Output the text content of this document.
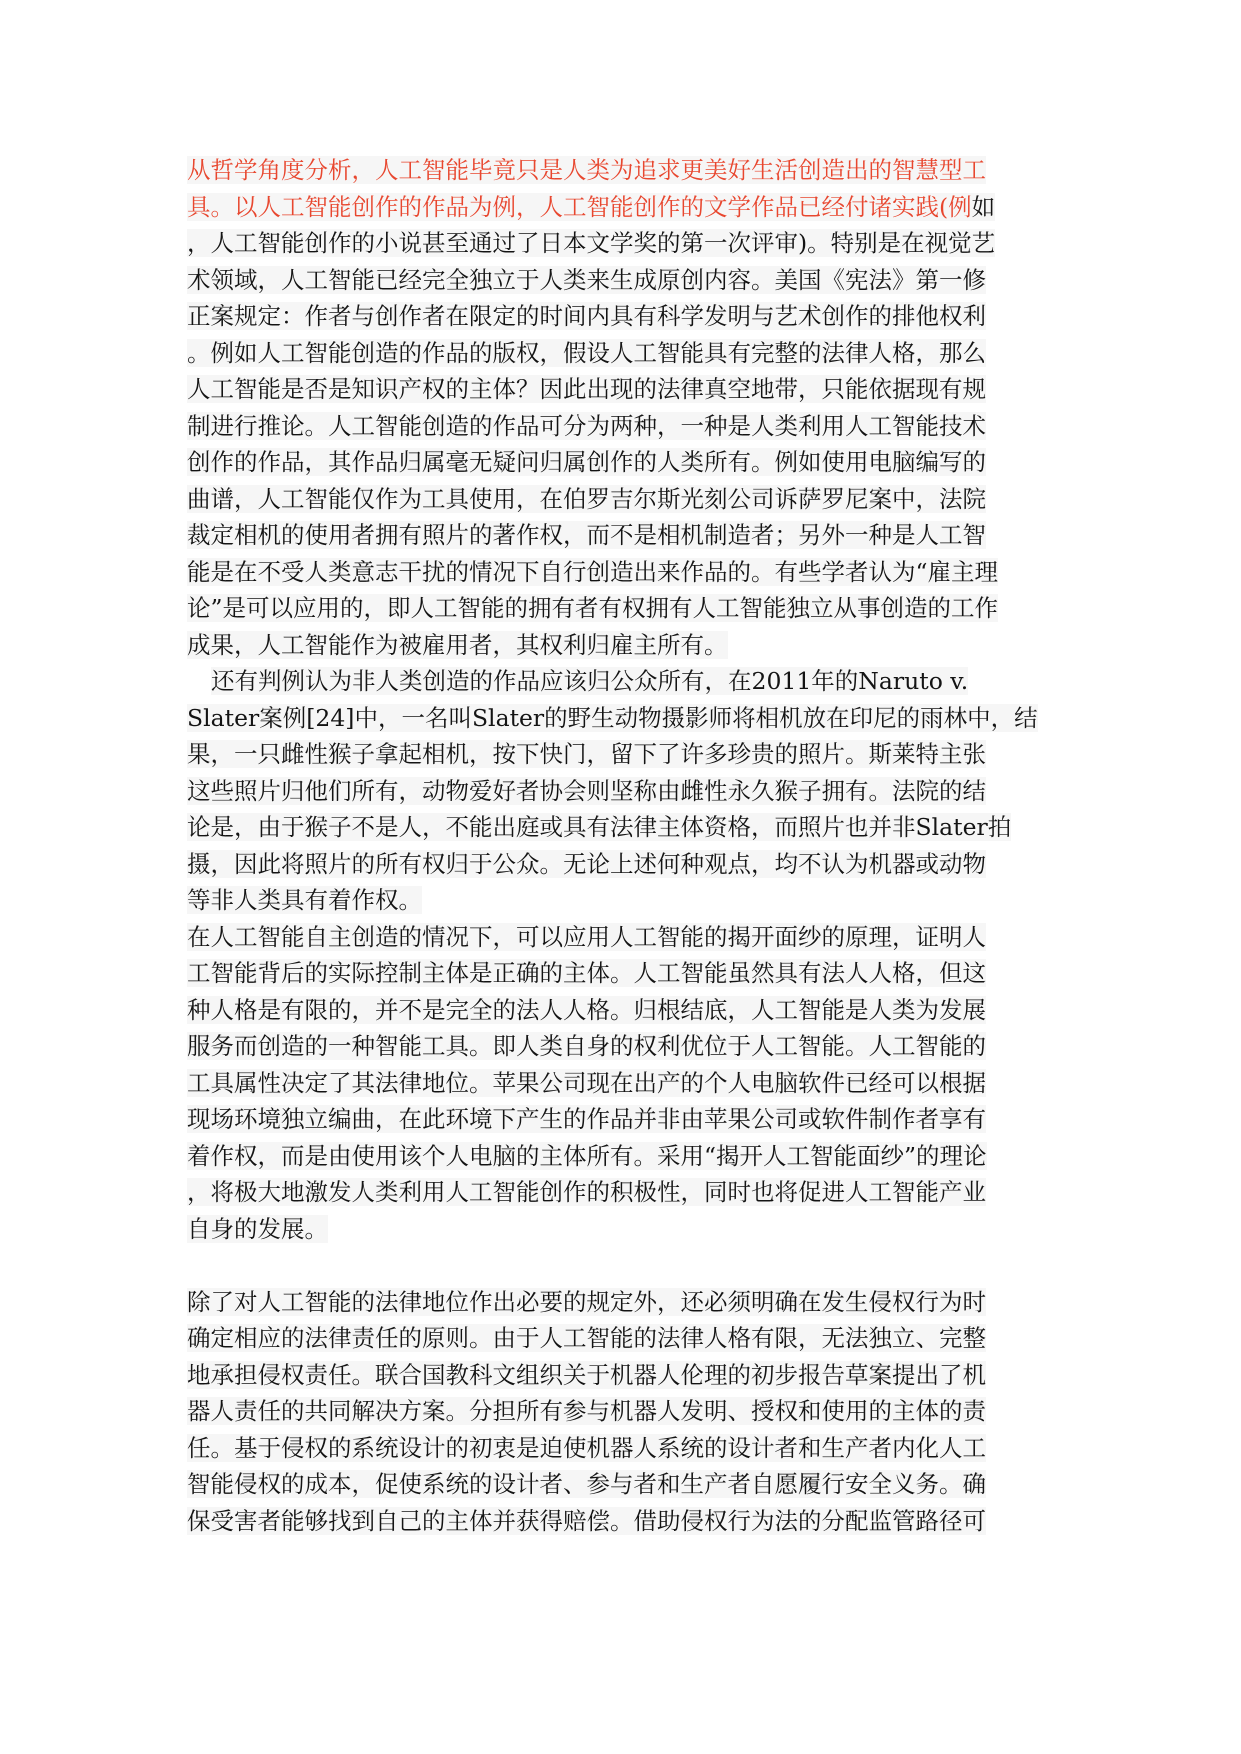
从哲学角度分析，人工智能毕竟只是人类为追求更美好生活创造出的智慧型工
具。以人工智能创作的作品为例，人工智能创作的文学作品已经付诸实践(例如
，人工智能创作的小说甚至通过了日本文学奖的第一次评审)。特别是在视觉艺
术领域，人工智能已经完全独立于人类来生成原创内容。美国《宪法》第一修
正案规定：作者与创作者在限定的时间内具有科学发明与艺术创作的排他权利
。例如人工智能创造的作品的版权，假设人工智能具有完整的法律人格，那么
人工智能是否是知识产权的主体？因此出现的法律真空地带，只能依据现有规
制进行推论。人工智能创造的作品可分为两种，一种是人类利用人工智能技术
创作的作品，其作品归属毫无疑问归属创作的人类所有。例如使用电脑编写的
曲谱，人工智能仅作为工具使用，在伯罗吉尔斯光刻公司诉萨罗尼案中，法院
裁定相机的使用者拥有照片的著作权，而不是相机制造者；另外一种是人工智
能是在不受人类意志干扰的情况下自行创造出来作品的。有些学者认为“雇主理
论”是可以应用的，即人工智能的拥有者有权拥有人工智能独立从事创造的工作
成果，人工智能作为被雇用者，其权利归雇主所有。
还有判例认为非人类创造的作品应该归公众所有，在2011年的Naruto v.
Slater案例[24]中，一名叫Slater的野生动物摄影师将相机放在印尼的雨林中，结
果，一只雌性猴子拿起相机，按下快门，留下了许多珍贵的照片。斯莱特主张
这些照片归他们所有，动物爱好者协会则坚称由雌性永久猴子拥有。法院的结
论是，由于猴子不是人，不能出庭或具有法律主体资格，而照片也并非Slater拍
摄，因此将照片的所有权归于公众。无论上述何种观点，均不认为机器或动物
等非人类具有着作权。
在人工智能自主创造的情况下，可以应用人工智能的揭开面纱的原理，证明人
工智能背后的实际控制主体是正确的主体。人工智能虽然具有法人人格，但这
种人格是有限的，并不是完全的法人人格。归根结底，人工智能是人类为发展
服务而创造的一种智能工具。即人类自身的权利优位于人工智能。人工智能的
工具属性决定了其法律地位。苹果公司现在出产的个人电脑软件已经可以根据
现场环境独立编曲，在此环境下产生的作品并非由苹果公司或软件制作者享有
着作权，而是由使用该个人电脑的主体所有。采用“揭开人工智能面纱”的理论
，将极大地激发人类利用人工智能创作的积极性，同时也将促进人工智能产业
自身的发展。
除了对人工智能的法律地位作出必要的规定外，还必须明确在发生侵权行为时
确定相应的法律责任的原则。由于人工智能的法律人格有限，无法独立、完整
地承担侵权责任。联合国教科文组织关于机器人伦理的初步报告草案提出了机
器人责任的共同解决方案。分担所有参与机器人发明、授权和使用的主体的责
任。基于侵权的系统设计的初衷是迫使机器人系统的设计者和生产者内化人工
智能侵权的成本，促使系统的设计者、参与者和生产者自愿履行安全义务。确
保受害者能够找到自己的主体并获得赔偿。借助侵权行为法的分配监管路径可
